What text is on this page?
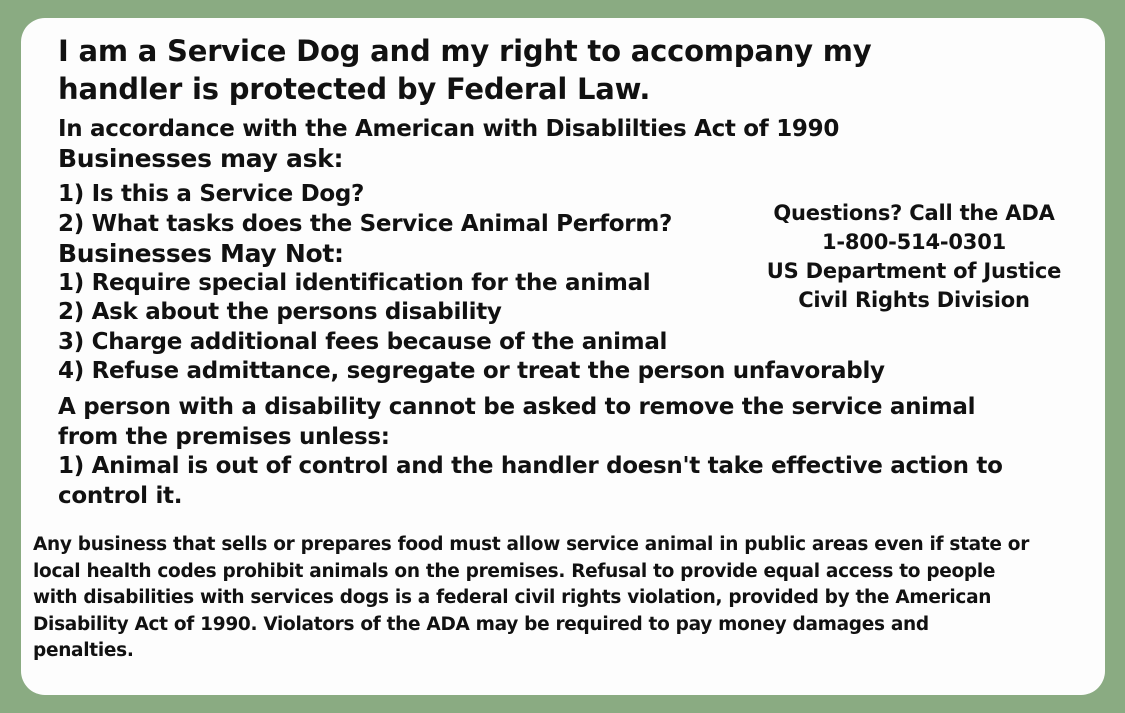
I am a Service Dog and my right to accompany my
handler is protected by Federal Law.
In accordance with the American with Disablilties Act of 1990
Businesses may ask:
1) Is this a Service Dog?
2) What tasks does the Service Animal Perform?
Businesses May Not:
1) Require special identification for the animal
2) Ask about the persons disability
3) Charge additional fees because of the animal
4) Refuse admittance, segregate or treat the person unfavorably
A person with a disability cannot be asked to remove the service animal
from the premises unless:
1) Animal is out of control and the handler doesn't take effective action to
control it.
Questions? Call the ADA
1-800-514-0301
US Department of Justice
Civil Rights Division
Any business that sells or prepares food must allow service animal in public areas even if state or
local health codes prohibit animals on the premises. Refusal to provide equal access to people
with disabilities with services dogs is a federal civil rights violation, provided by the American
Disability Act of 1990. Violators of the ADA may be required to pay money damages and
penalties.
